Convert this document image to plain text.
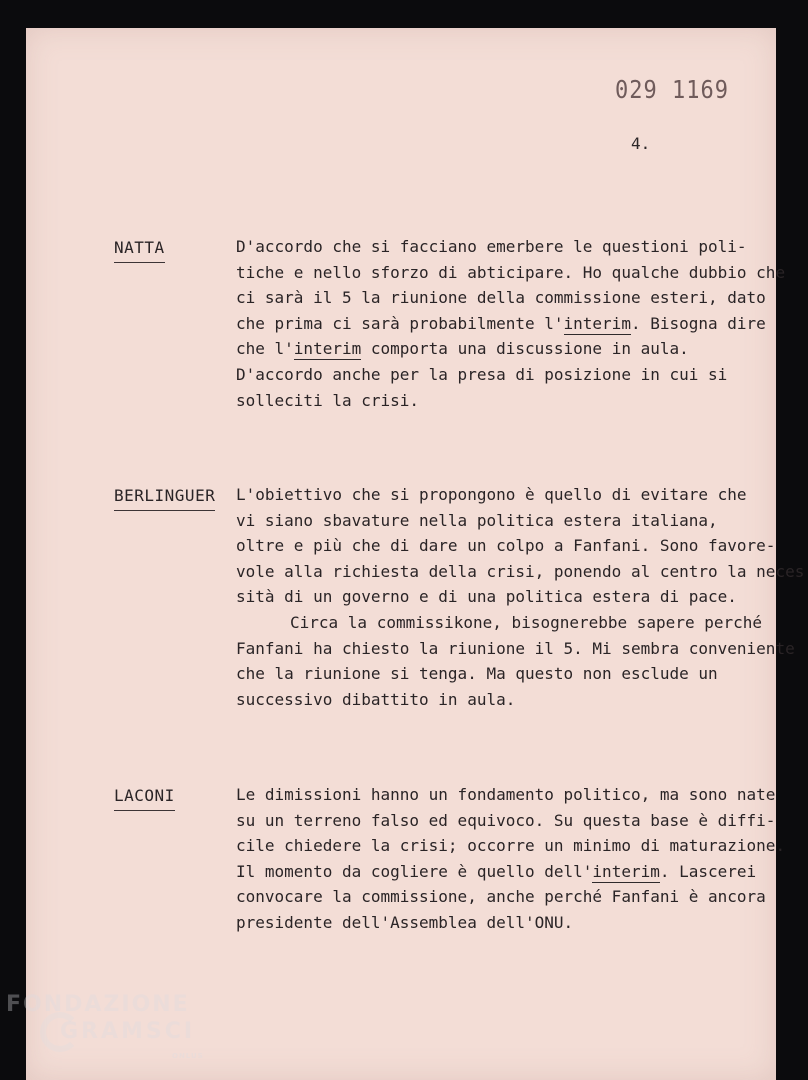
029 1169
4.
NATTA	D'accordo che si facciano emerbere le questioni poli-
tiche e nello sforzo di abticipare. Ho qualche dubbio che
ci sarà il 5 la riunione della commissione esteri, dato
che prima ci sarà probabilmente l'interim. Bisogna dire
che l'interim comporta una discussione in aula.
D'accordo anche per la presa di posizione in cui si
solleciti la crisi.
BERLINGUER L'obiettivo che si propongono è quello di evitare che
vi siano sbavature nella politica estera italiana,
oltre e più che di dare un colpo a Fanfani. Sono favore-
vole alla richiesta della crisi, ponendo al centro la neces
sità di un governo e di una politica estera di pace.
Circa la commissikone, bisognerebbe sapere perché
Fanfani ha chiesto la riunione il 5. Mi sembra conveniente
che la riunione si tenga. Ma questo non esclude un
successivo dibattito in aula.
LACONI	Le dimissioni hanno un fondamento politico, ma sono nate
su un terreno falso ed equivoco. Su questa base è diffi-
cile chiedere la crisi; occorre un minimo di maturazione.
Il momento da cogliere è quello dell'interim. Lascerei
convocare la commissione, anche perché Fanfani è ancora
presidente dell'Assemblea dell'ONU.
FONDAZIONE
GRAMSCI
ONLUS
